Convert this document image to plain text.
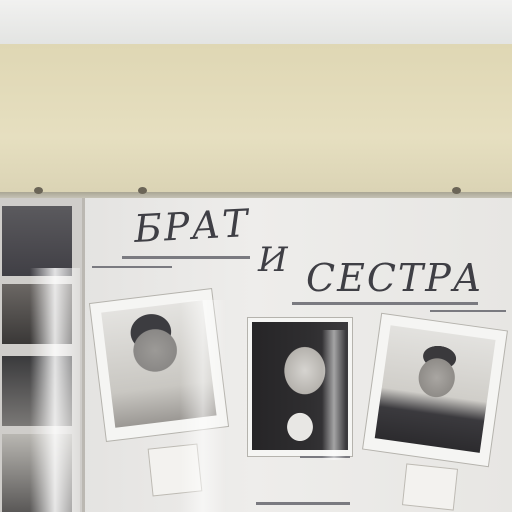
БРАТ
И СЕСТРА
